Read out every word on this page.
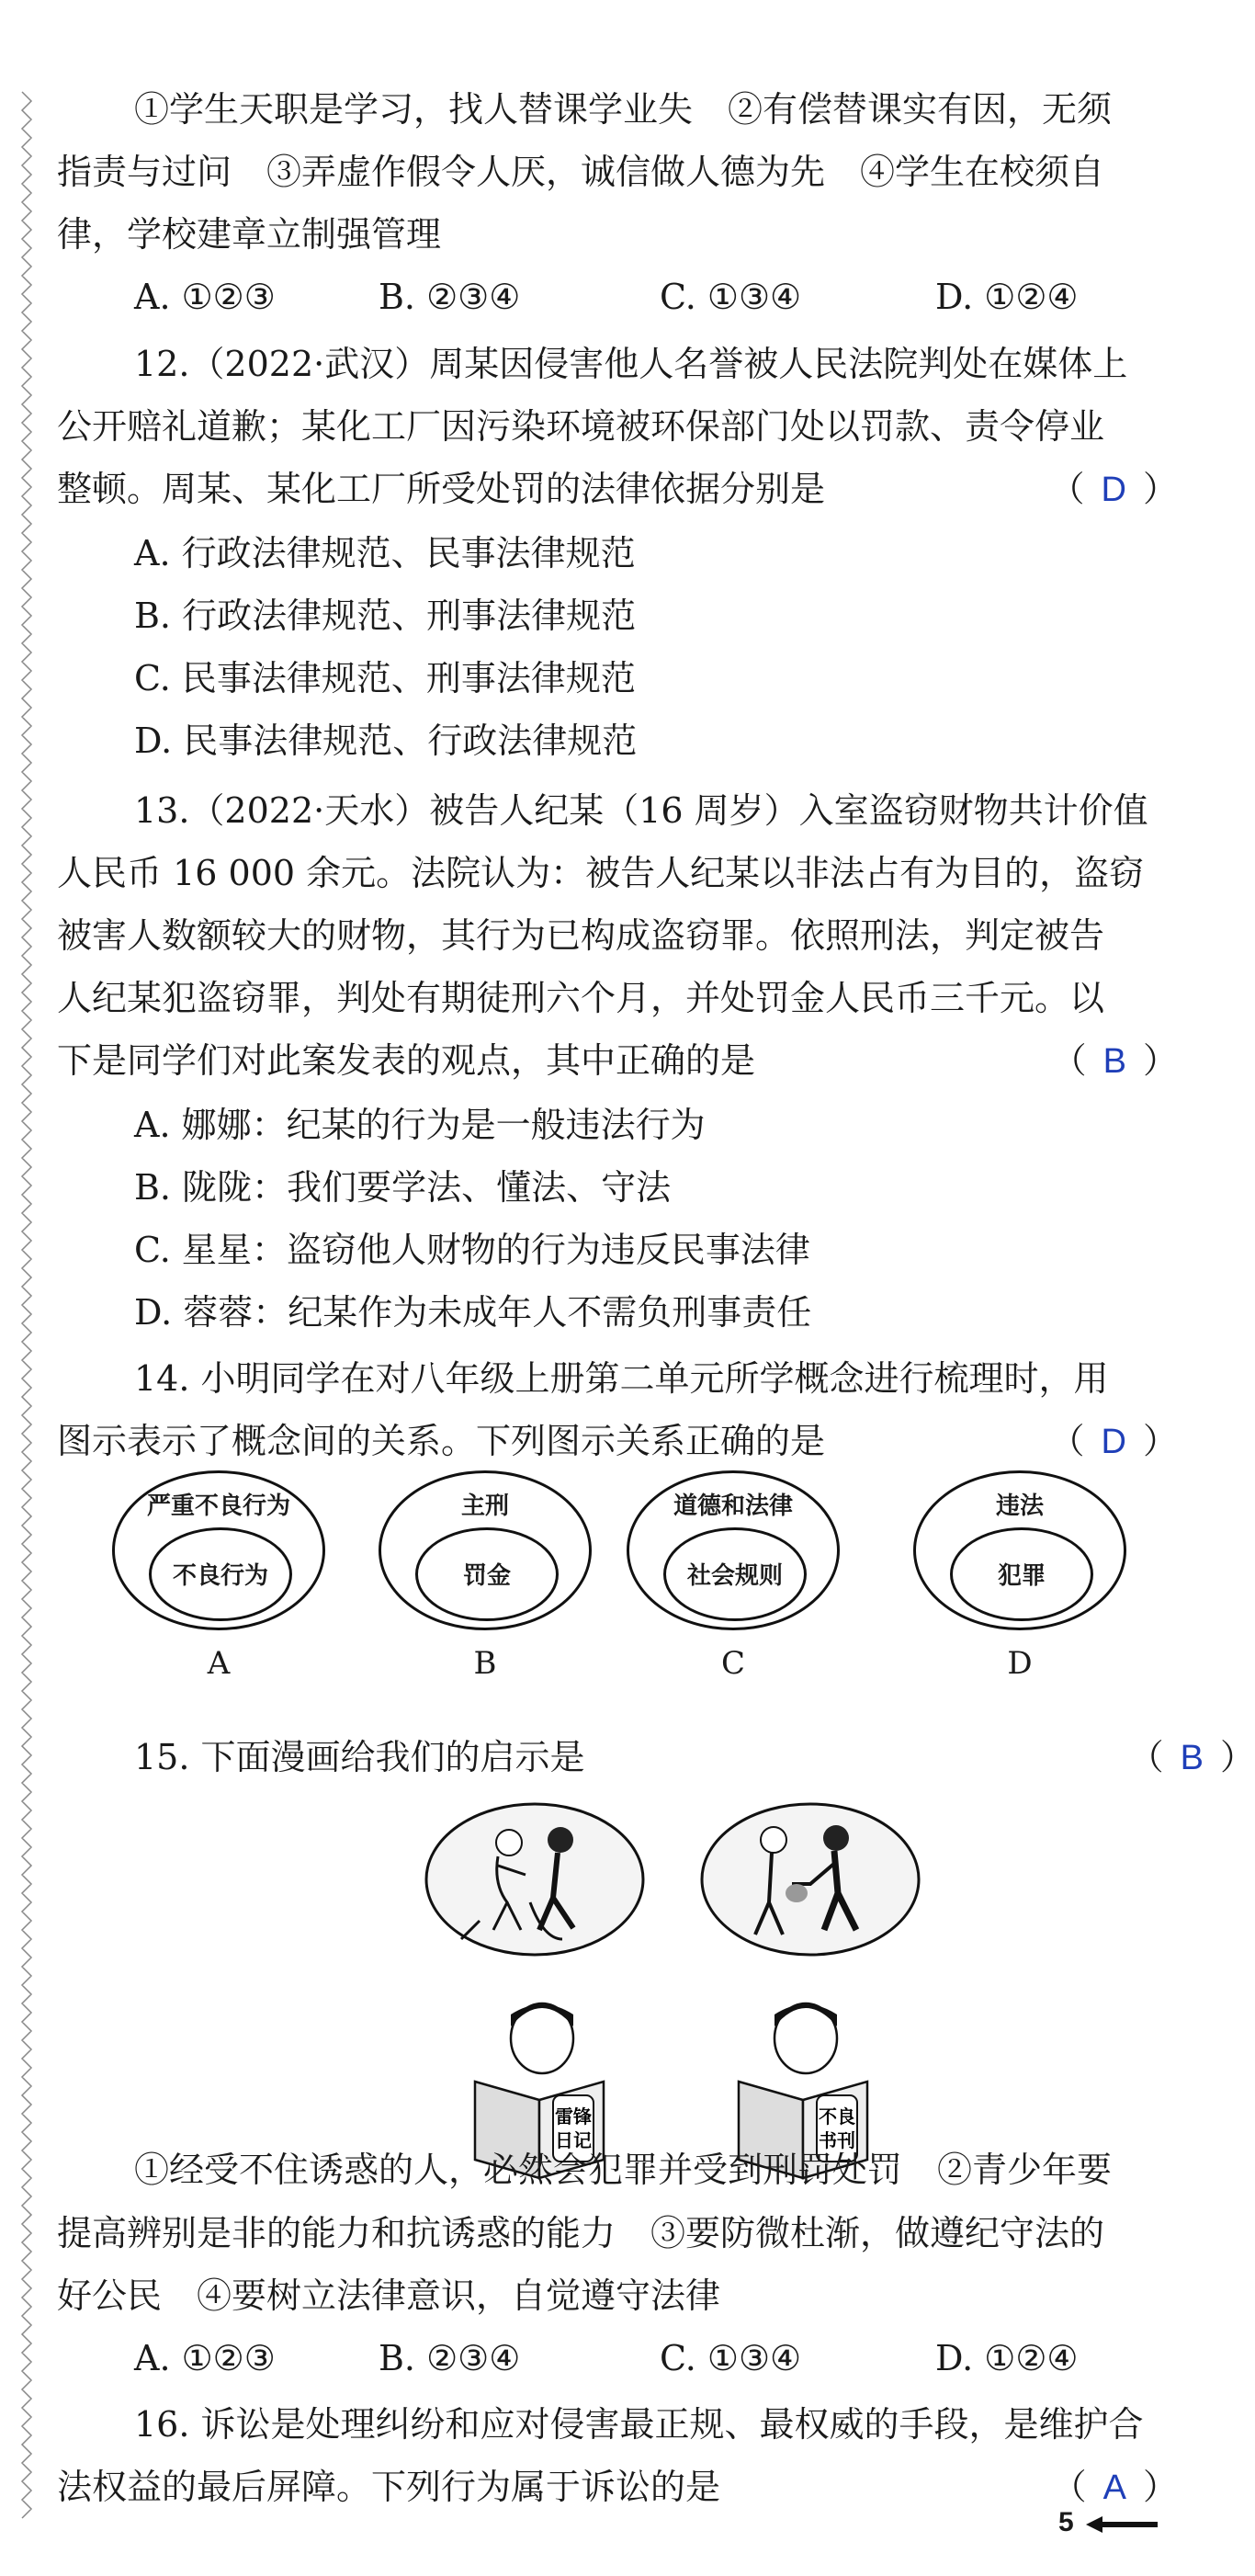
①学生天职是学习，找人替课学业失　②有偿替课实有因，无须
指责与过问　③弄虚作假令人厌，诚信做人德为先　④学生在校须自
律，学校建章立制强管理
A. ①②③	B. ②③④	C. ①③④	D. ①②④
12.（2022·武汉）周某因侵害他人名誉被人民法院判处在媒体上
公开赔礼道歉；某化工厂因污染环境被环保部门处以罚款、责令停业
整顿。周某、某化工厂所受处罚的法律依据分别是	（ D ）
A. 行政法律规范、民事法律规范
B. 行政法律规范、刑事法律规范
C. 民事法律规范、刑事法律规范
D. 民事法律规范、行政法律规范
13.（2022·天水）被告人纪某（16 周岁）入室盗窃财物共计价值
人民币 16 000 余元。法院认为：被告人纪某以非法占有为目的，盗窃
被害人数额较大的财物，其行为已构成盗窃罪。依照刑法，判定被告
人纪某犯盗窃罪，判处有期徒刑六个月，并处罚金人民币三千元。以
下是同学们对此案发表的观点，其中正确的是	（ B ）
A. 娜娜：纪某的行为是一般违法行为
B. 陇陇：我们要学法、懂法、守法
C. 星星：盗窃他人财物的行为违反民事法律
D. 蓉蓉：纪某作为未成年人不需负刑事责任
14. 小明同学在对八年级上册第二单元所学概念进行梳理时，用
图示表示了概念间的关系。下列图示关系正确的是	（ D ）
严重不良行为
不良行为
A
主刑
罚金
B
道德和法律
社会规则
C
违法
犯罪
D
15. 下面漫画给我们的启示是	（ B ）
雷锋
日记
不良
书刊
①经受不住诱惑的人，必然会犯罪并受到刑罚处罚　②青少年要
提高辨别是非的能力和抗诱惑的能力　③要防微杜渐，做遵纪守法的
好公民　④要树立法律意识，自觉遵守法律
A. ①②③	B. ②③④	C. ①③④	D. ①②④
16. 诉讼是处理纠纷和应对侵害最正规、最权威的手段，是维护合
法权益的最后屏障。下列行为属于诉讼的是	（ A ）
5
